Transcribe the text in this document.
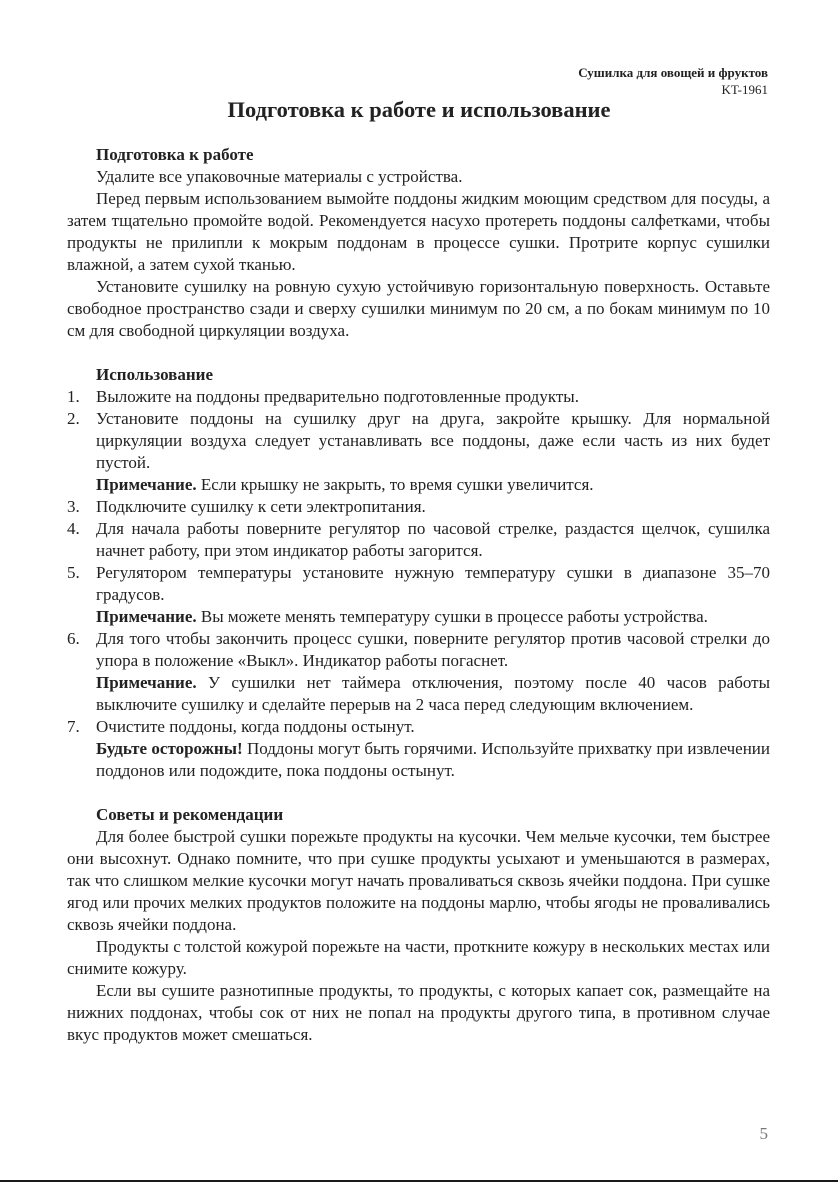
Сушилка для овощей и фруктов
KT-1961
Подготовка к работе и использование
Подготовка к работе

Удалите все упаковочные материалы с устройства.

Перед первым использованием вымойте поддоны жидким моющим средством для посуды, а затем тщательно промойте водой. Рекомендуется насухо протереть поддоны салфетками, чтобы продукты не прилипли к мокрым поддонам в процессе сушки. Протрите корпус сушилки влажной, а затем сухой тканью.

Установите сушилку на ровную сухую устойчивую горизонтальную поверхность. Оставьте свободное пространство сзади и сверху сушилки минимум по 20 см, а по бокам минимум по 10 см для свободной циркуляции воздуха.

Использование
1. Выложите на поддоны предварительно подготовленные продукты.
2. Установите поддоны на сушилку друг на друга, закройте крышку. Для нормальной циркуляции воздуха следует устанавливать все поддоны, даже если часть из них будет пустой.
Примечание. Если крышку не закрыть, то время сушки увеличится.
3. Подключите сушилку к сети электропитания.
4. Для начала работы поверните регулятор по часовой стрелке, раздастся щелчок, сушилка начнет работу, при этом индикатор работы загорится.
5. Регулятором температуры установите нужную температуру сушки в диапазоне 35–70 градусов.
Примечание. Вы можете менять температуру сушки в процессе работы устройства.
6. Для того чтобы закончить процесс сушки, поверните регулятор против часовой стрелки до упора в положение «Выкл». Индикатор работы погаснет.
Примечание. У сушилки нет таймера отключения, поэтому после 40 часов работы выключите сушилку и сделайте перерыв на 2 часа перед следующим включением.
7. Очистите поддоны, когда поддоны остынут.
Будьте осторожны! Поддоны могут быть горячими. Используйте прихватку при извлечении поддонов или подождите, пока поддоны остынут.
Советы и рекомендации

Для более быстрой сушки порежьте продукты на кусочки. Чем мельче кусочки, тем быстрее они высохнут. Однако помните, что при сушке продукты усыхают и уменьшаются в размерах, так что слишком мелкие кусочки могут начать проваливаться сквозь ячейки поддона. При сушке ягод или прочих мелких продуктов положите на поддоны марлю, чтобы ягоды не проваливались сквозь ячейки поддона.

Продукты с толстой кожурой порежьте на части, проткните кожуру в нескольких местах или снимите кожуру.

Если вы сушите разнотипные продукты, то продукты, с которых капает сок, размещайте на нижних поддонах, чтобы сок от них не попал на продукты другого типа, в противном случае вкус продуктов может смешаться.

5
